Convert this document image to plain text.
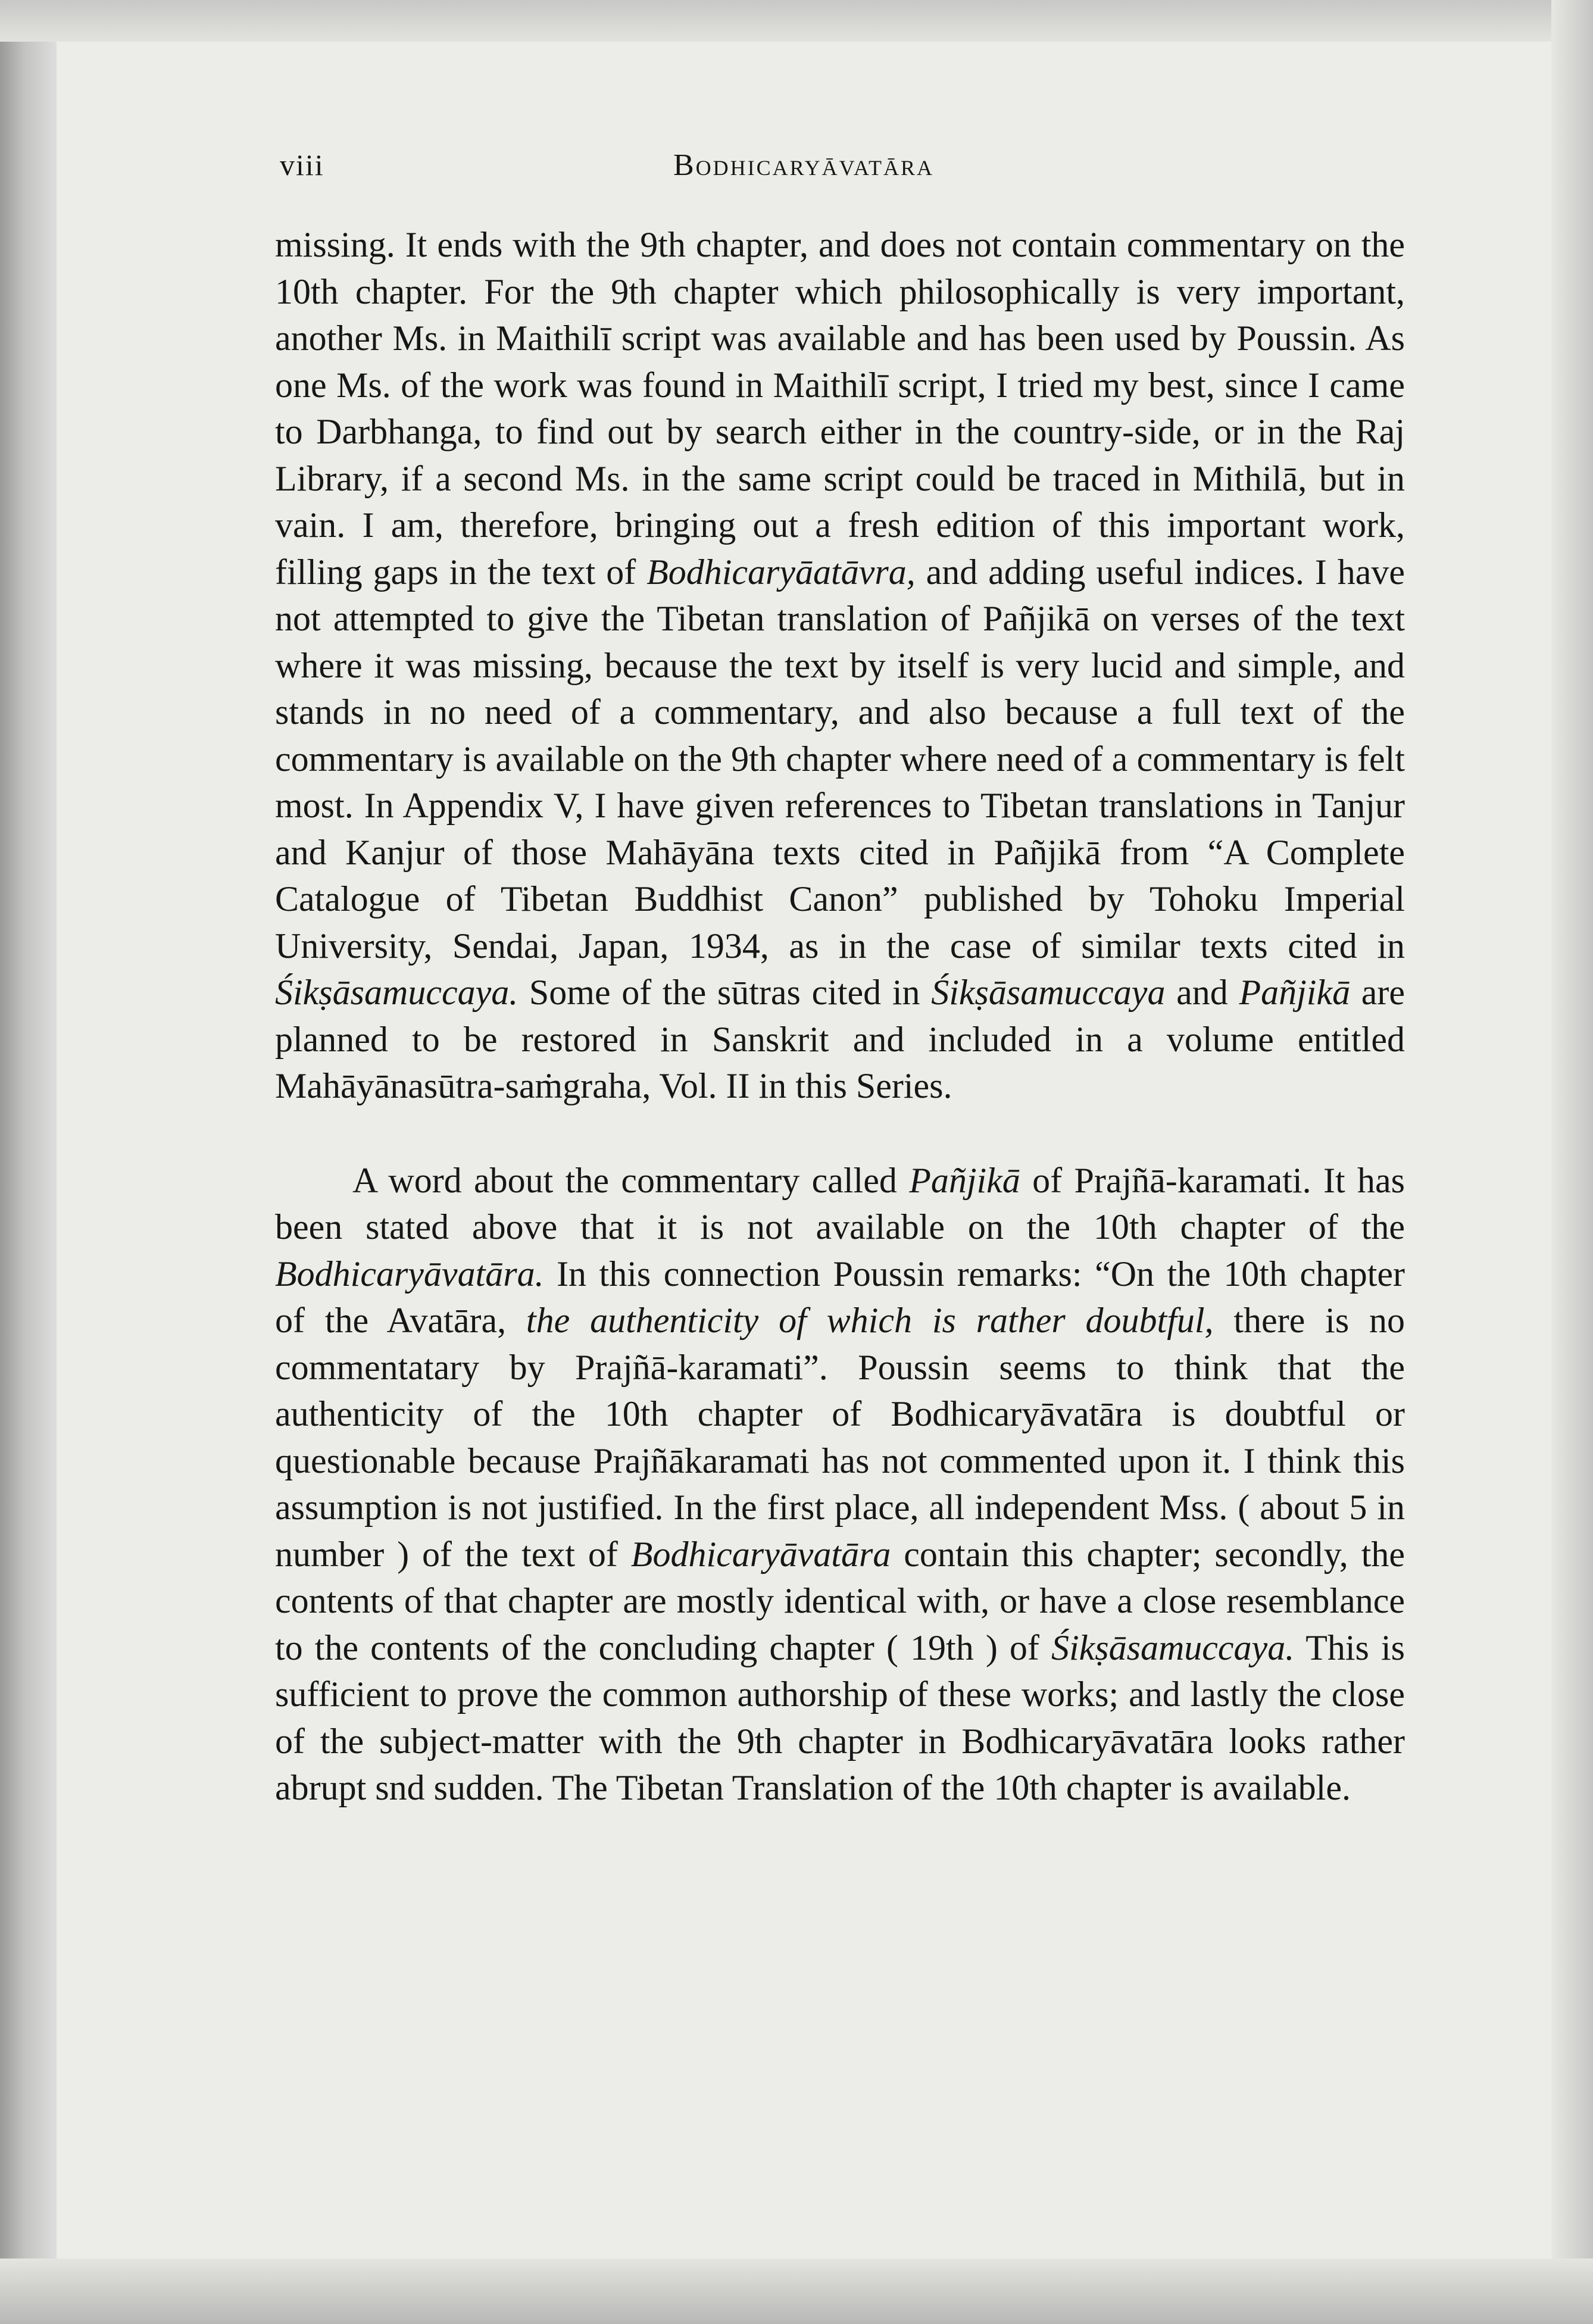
viii	Bodhicaryāvatāra

missing. It ends with the 9th chapter, and does not contain commentary on the 10th chapter. For the 9th chapter which philosophically is very important, another Ms. in Maithilī script was available and has been used by Poussin. As one Ms. of the work was found in Maithilī script, I tried my best, since I came to Darbhanga, to find out by search either in the country-side, or in the Raj Library, if a second Ms. in the same script could be traced in Mithilā, but in vain. I am, therefore, bringing out a fresh edition of this important work, filling gaps in the text of Bodhicaryāatāvra, and adding useful indices. I have not attempted to give the Tibetan translation of Pañjikā on verses of the text where it was missing, because the text by itself is very lucid and simple, and stands in no need of a commentary, and also because a full text of the commentary is available on the 9th chapter where need of a commentary is felt most. In Appendix V, I have given references to Tibetan translations in Tanjur and Kanjur of those Mahāyāna texts cited in Pañjikā from “A Complete Catalogue of Tibetan Buddhist Canon” published by Tohoku Imperial University, Sendai, Japan, 1934, as in the case of similar texts cited in Śikṣāsamuccaya. Some of the sūtras cited in Śikṣāsamuccaya and Pañjikā are planned to be restored in Sanskrit and included in a volume entitled Mahāyānasūtra-saṁgraha, Vol. II in this Series.

A word about the commentary called Pañjikā of Prajñā-karamati. It has been stated above that it is not available on the 10th chapter of the Bodhicaryāvatāra. In this connection Poussin remarks: “On the 10th chapter of the Avatāra, the authenticity of which is rather doubtful, there is no commentatary by Prajñā-karamati”. Poussin seems to think that the authenticity of the 10th chapter of Bodhicaryāvatāra is doubtful or questionable because Prajñākaramati has not commented upon it. I think this assumption is not justified. In the first place, all independent Mss. ( about 5 in number ) of the text of Bodhicaryāvatāra contain this chapter; secondly, the contents of that chapter are mostly identical with, or have a close resemblance to the contents of the concluding chapter ( 19th ) of Śikṣāsamuccaya. This is sufficient to prove the common authorship of these works; and lastly the close of the subject-matter with the 9th chapter in Bodhicaryāvatāra looks rather abrupt snd sudden. The Tibetan Translation of the 10th chapter is available.
